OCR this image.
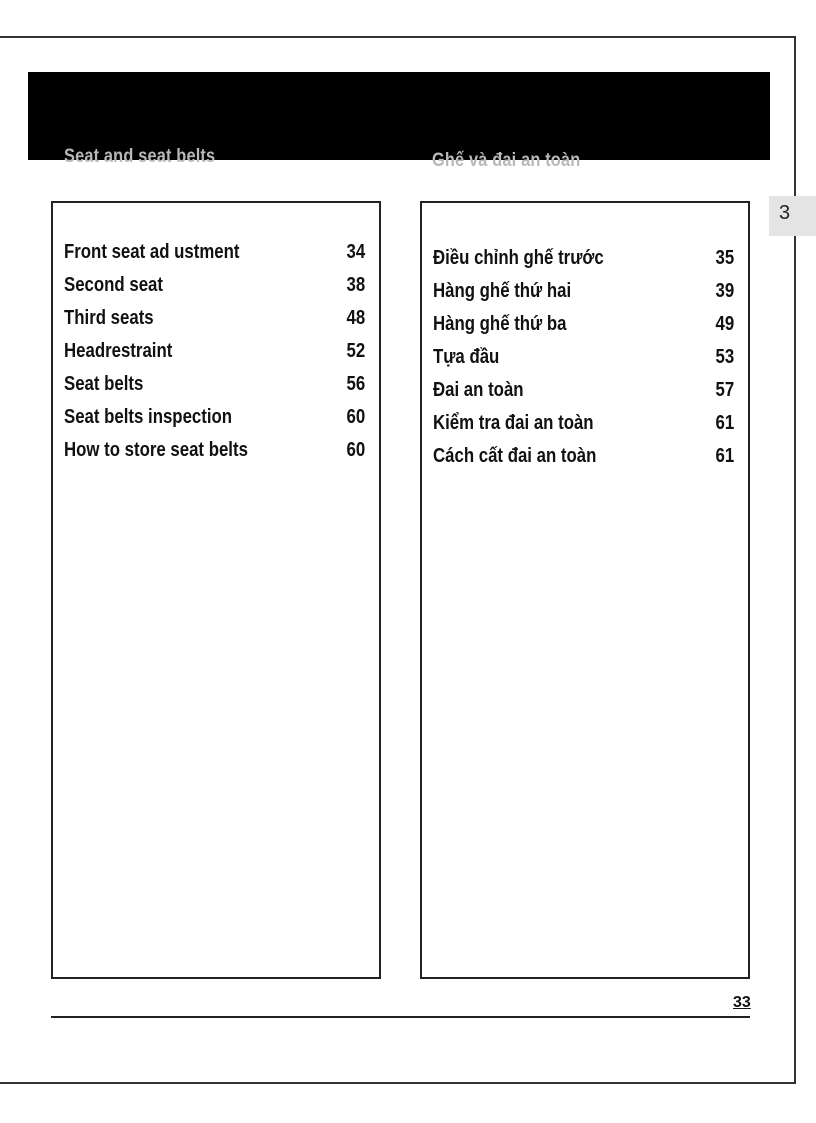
Seat and seat belts	Ghế và đai an toàn
3
Front seat ad ustment	34
Second seat	38
Third seats	48
Headrestraint	52
Seat belts	56
Seat belts inspection	60
How to store seat belts	60
Điều chỉnh ghế trước	35
Hàng ghế thứ hai	39
Hàng ghế thứ ba	49
Tựa đầu	53
Đai an toàn	57
Kiểm tra đai an toàn	61
Cách cất đai an toàn	61
33
